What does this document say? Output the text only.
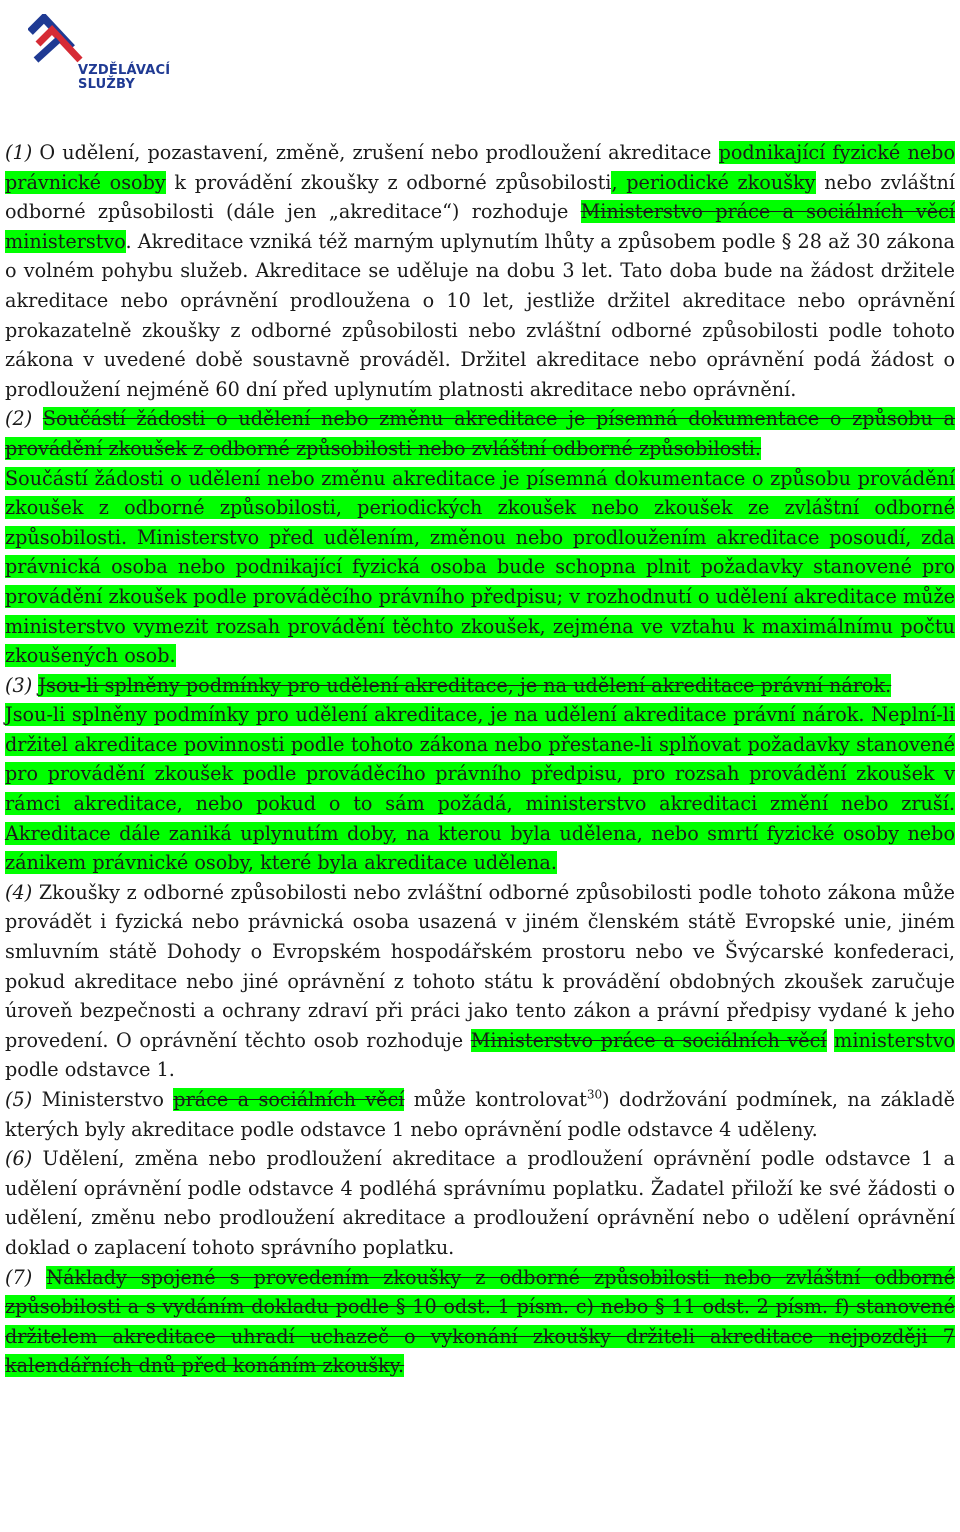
VZDĚLÁVACÍ
SLUŽBY

(1) O udělení, pozastavení, změně, zrušení nebo prodloužení akreditace podnikající fyzické nebo právnické osoby k provádění zkoušky z odborné způsobilosti, periodické zkoušky nebo zvláštní odborné způsobilosti (dále jen „akreditace“) rozhoduje Ministerstvo práce a sociálních věcí ministerstvo. Akreditace vzniká též marným uplynutím lhůty a způsobem podle § 28 až 30 zákona o volném pohybu služeb. Akreditace se uděluje na dobu 3 let. Tato doba bude na žádost držitele akreditace nebo oprávnění prodloužena o 10 let, jestliže držitel akreditace nebo oprávnění prokazatelně zkoušky z odborné způsobilosti nebo zvláštní odborné způsobilosti podle tohoto zákona v uvedené době soustavně prováděl. Držitel akreditace nebo oprávnění podá žádost o prodloužení nejméně 60 dní před uplynutím platnosti akreditace nebo oprávnění.

(2) Součástí žádosti o udělení nebo změnu akreditace je písemná dokumentace o způsobu a provádění zkoušek z odborné způsobilosti nebo zvláštní odborné způsobilosti.

Součástí žádosti o udělení nebo změnu akreditace je písemná dokumentace o způsobu provádění zkoušek z odborné způsobilosti, periodických zkoušek nebo zkoušek ze zvláštní odborné způsobilosti. Ministerstvo před udělením, změnou nebo prodloužením akreditace posoudí, zda právnická osoba nebo podnikající fyzická osoba bude schopna plnit požadavky stanovené pro provádění zkoušek podle prováděcího právního předpisu; v rozhodnutí o udělení akreditace může ministerstvo vymezit rozsah provádění těchto zkoušek, zejména ve vztahu k maximálnímu počtu zkoušených osob.

(3) Jsou-li splněny podmínky pro udělení akreditace, je na udělení akreditace právní nárok.

Jsou-li splněny podmínky pro udělení akreditace, je na udělení akreditace právní nárok. Neplní-li držitel akreditace povinnosti podle tohoto zákona nebo přestane-li splňovat požadavky stanovené pro provádění zkoušek podle prováděcího právního předpisu, pro rozsah provádění zkoušek v rámci akreditace, nebo pokud o to sám požádá, ministerstvo akreditaci změní nebo zruší. Akreditace dále zaniká uplynutím doby, na kterou byla udělena, nebo smrtí fyzické osoby nebo zánikem právnické osoby, které byla akreditace udělena.

(4) Zkoušky z odborné způsobilosti nebo zvláštní odborné způsobilosti podle tohoto zákona může provádět i fyzická nebo právnická osoba usazená v jiném členském státě Evropské unie, jiném smluvním státě Dohody o Evropském hospodářském prostoru nebo ve Švýcarské konfederaci, pokud akreditace nebo jiné oprávnění z tohoto státu k provádění obdobných zkoušek zaručuje úroveň bezpečnosti a ochrany zdraví při práci jako tento zákon a právní předpisy vydané k jeho provedení. O oprávnění těchto osob rozhoduje Ministerstvo práce a sociálních věcí ministerstvo podle odstavce 1.

(5) Ministerstvo práce a sociálních věcí může kontrolovat$^{30}$) dodržování podmínek, na základě kterých byly akreditace podle odstavce 1 nebo oprávnění podle odstavce 4 uděleny.

(6) Udělení, změna nebo prodloužení akreditace a prodloužení oprávnění podle odstavce 1 a udělení oprávnění podle odstavce 4 podléhá správnímu poplatku. Žadatel přiloží ke své žádosti o udělení, změnu nebo prodloužení akreditace a prodloužení oprávnění nebo o udělení oprávnění doklad o zaplacení tohoto správního poplatku.

(7) Náklady spojené s provedením zkoušky z odborné způsobilosti nebo zvláštní odborné způsobilosti a s vydáním dokladu podle § 10 odst. 1 písm. c) nebo § 11 odst. 2 písm. f) stanovené držitelem akreditace uhradí uchazeč o vykonání zkoušky držiteli akreditace nejpozději 7 kalendářních dnů před konáním zkoušky.
